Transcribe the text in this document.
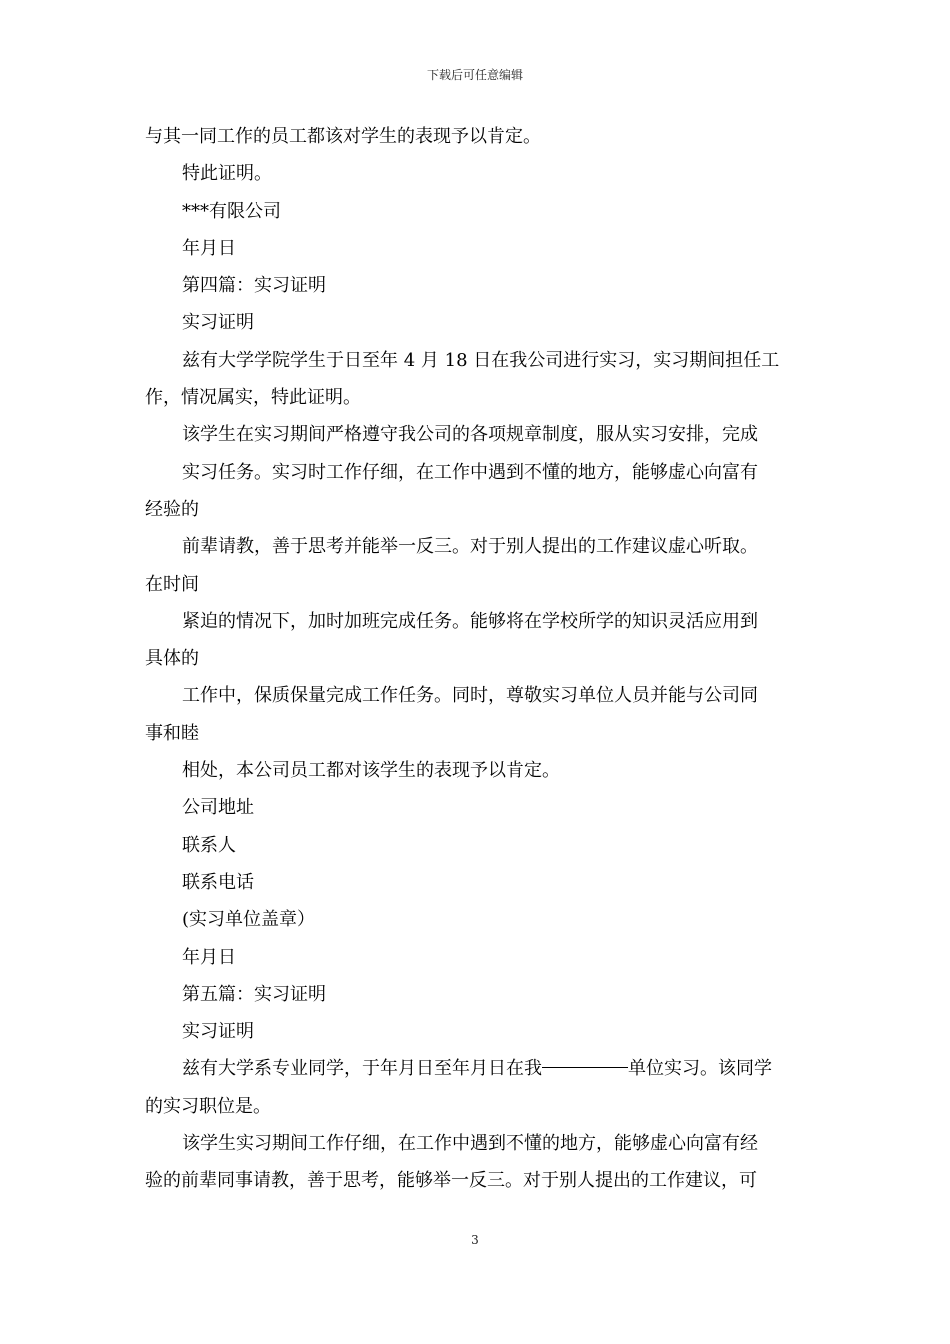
下载后可任意编辑
与其一同工作的员工都该对学生的表现予以肯定。
特此证明。
***有限公司
年月日
第四篇：实习证明
实习证明
兹有大学学院学生于日至年 4 月 18 日在我公司进行实习，实习期间担任工
作，情况属实，特此证明。
该学生在实习期间严格遵守我公司的各项规章制度，服从实习安排，完成
实习任务。实习时工作仔细，在工作中遇到不懂的地方，能够虚心向富有
经验的
前辈请教，善于思考并能举一反三。对于别人提出的工作建议虚心听取。
在时间
紧迫的情况下，加时加班完成任务。能够将在学校所学的知识灵活应用到
具体的
工作中，保质保量完成工作任务。同时，尊敬实习单位人员并能与公司同
事和睦
相处，本公司员工都对该学生的表现予以肯定。
公司地址
联系人
联系电话
(实习单位盖章）
年月日
第五篇：实习证明
实习证明
兹有大学系专业同学，于年月日至年月日在我	单位实习。该同学
的实习职位是。
该学生实习期间工作仔细，在工作中遇到不懂的地方，能够虚心向富有经
验的前辈同事请教，善于思考，能够举一反三。对于别人提出的工作建议，可
3
